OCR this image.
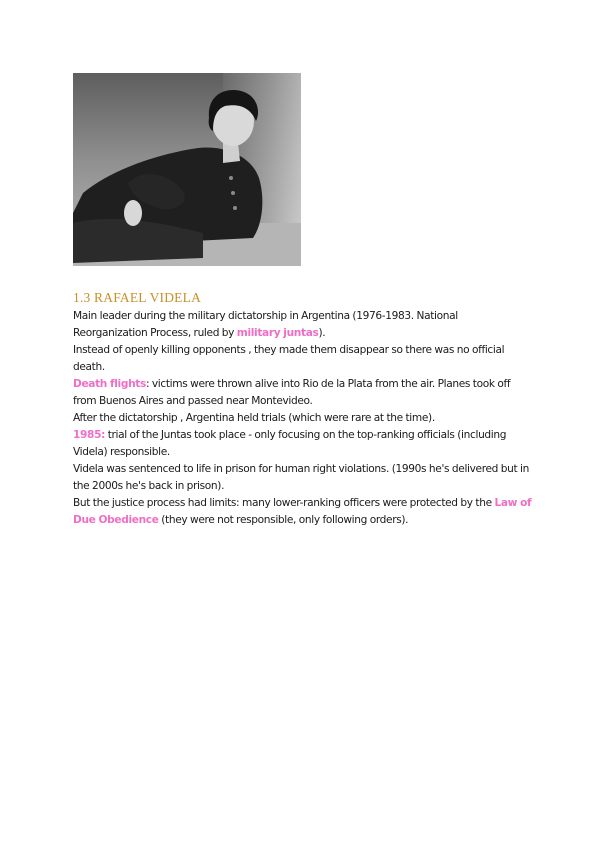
1.3 RAFAEL VIDELA

Main leader during the military dictatorship in Argentina (1976-1983. National Reorganization Process, ruled by military juntas).

Instead of openly killing opponents , they made them disappear so there was no official death.

Death flights: victims were thrown alive into Rio de la Plata from the air. Planes took off from Buenos Aires and passed near Montevideo.

After the dictatorship , Argentina held trials (which were rare at the time).

1985: trial of the Juntas took place - only focusing on the top-ranking officials (including Videla) responsible.

Videla was sentenced to life in prison for human right violations. (1990s he's delivered but in the 2000s he's back in prison).

But the justice process had limits: many lower-ranking officers were protected by the Law of Due Obedience (they were not responsible, only following orders).
